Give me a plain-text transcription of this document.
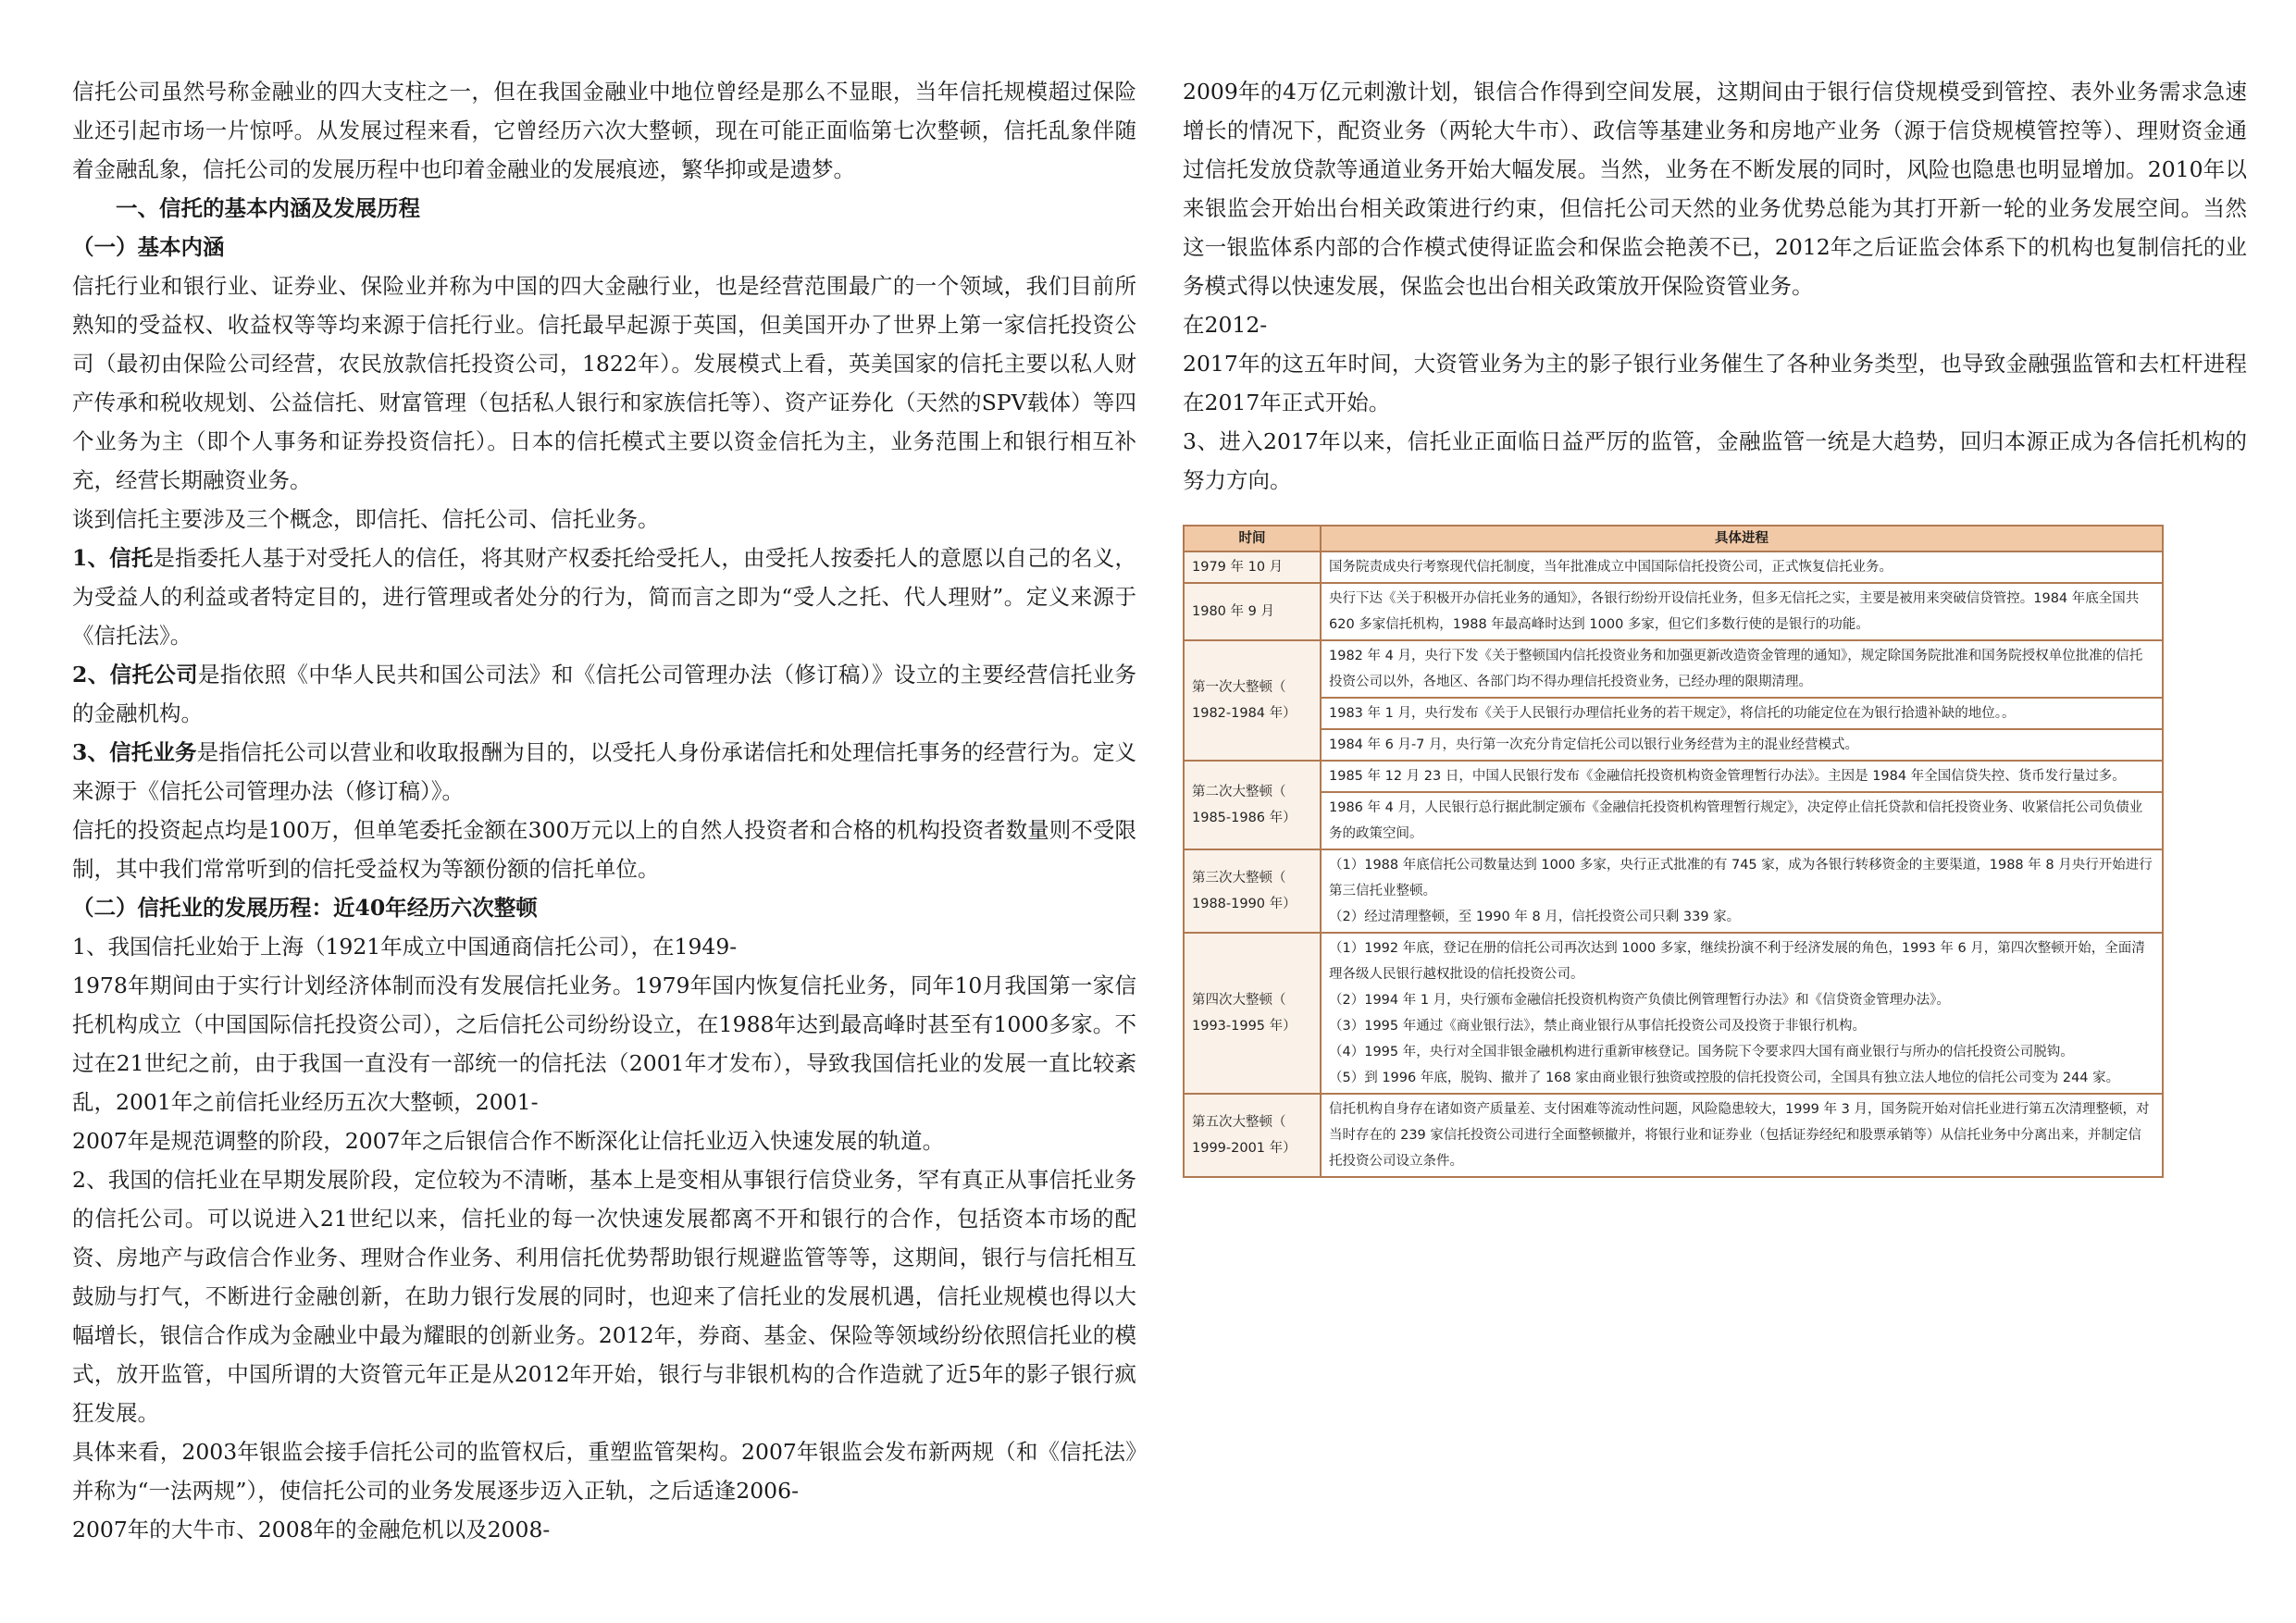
信托公司虽然号称金融业的四大支柱之一，但在我国金融业中地位曾经是那么不显眼，当年信托规模超过保险业还引起市场一片惊呼。从发展过程来看，它曾经历六次大整顿，现在可能正面临第七次整顿，信托乱象伴随着金融乱象，信托公司的发展历程中也印着金融业的发展痕迹，繁华抑或是遗梦。

一、信托的基本内涵及发展历程

（一）基本内涵

信托行业和银行业、证券业、保险业并称为中国的四大金融行业，也是经营范围最广的一个领域，我们目前所熟知的受益权、收益权等等均来源于信托行业。信托最早起源于英国，但美国开办了世界上第一家信托投资公司（最初由保险公司经营，农民放款信托投资公司，1822年）。发展模式上看，英美国家的信托主要以私人财产传承和税收规划、公益信托、财富管理（包括私人银行和家族信托等）、资产证券化（天然的SPV载体）等四个业务为主（即个人事务和证券投资信托）。日本的信托模式主要以资金信托为主，业务范围上和银行相互补充，经营长期融资业务。

谈到信托主要涉及三个概念，即信托、信托公司、信托业务。

1、信托是指委托人基于对受托人的信任，将其财产权委托给受托人，由受托人按委托人的意愿以自己的名义，为受益人的利益或者特定目的，进行管理或者处分的行为，简而言之即为“受人之托、代人理财”。定义来源于《信托法》。

2、信托公司是指依照《中华人民共和国公司法》和《信托公司管理办法（修订稿）》设立的主要经营信托业务的金融机构。

3、信托业务是指信托公司以营业和收取报酬为目的，以受托人身份承诺信托和处理信托事务的经营行为。定义来源于《信托公司管理办法（修订稿）》。

信托的投资起点均是100万，但单笔委托金额在300万元以上的自然人投资者和合格的机构投资者数量则不受限制，其中我们常常听到的信托受益权为等额份额的信托单位。

（二）信托业的发展历程：近40年经历六次整顿

1、我国信托业始于上海（1921年成立中国通商信托公司），在1949-

1978年期间由于实行计划经济体制而没有发展信托业务。1979年国内恢复信托业务，同年10月我国第一家信托机构成立（中国国际信托投资公司），之后信托公司纷纷设立，在1988年达到最高峰时甚至有1000多家。不过在21世纪之前，由于我国一直没有一部统一的信托法（2001年才发布），导致我国信托业的发展一直比较紊乱，2001年之前信托业经历五次大整顿，2001-

2007年是规范调整的阶段，2007年之后银信合作不断深化让信托业迈入快速发展的轨道。

2、我国的信托业在早期发展阶段，定位较为不清晰，基本上是变相从事银行信贷业务，罕有真正从事信托业务的信托公司。可以说进入21世纪以来，信托业的每一次快速发展都离不开和银行的合作，包括资本市场的配资、房地产与政信合作业务、理财合作业务、利用信托优势帮助银行规避监管等等，这期间，银行与信托相互鼓励与打气，不断进行金融创新，在助力银行发展的同时，也迎来了信托业的发展机遇，信托业规模也得以大幅增长，银信合作成为金融业中最为耀眼的创新业务。2012年，券商、基金、保险等领域纷纷依照信托业的模式，放开监管，中国所谓的大资管元年正是从2012年开始，银行与非银机构的合作造就了近5年的影子银行疯狂发展。

具体来看，2003年银监会接手信托公司的监管权后，重塑监管架构。2007年银监会发布新两规（和《信托法》并称为“一法两规”），使信托公司的业务发展逐步迈入正轨，之后适逢2006-

2007年的大牛市、2008年的金融危机以及2008-

2009年的4万亿元刺激计划，银信合作得到空间发展，这期间由于银行信贷规模受到管控、表外业务需求急速增长的情况下，配资业务（两轮大牛市）、政信等基建业务和房地产业务（源于信贷规模管控等）、理财资金通过信托发放贷款等通道业务开始大幅发展。当然，业务在不断发展的同时，风险也隐患也明显增加。2010年以来银监会开始出台相关政策进行约束，但信托公司天然的业务优势总能为其打开新一轮的业务发展空间。当然这一银监体系内部的合作模式使得证监会和保监会艳羡不已，2012年之后证监会体系下的机构也复制信托的业务模式得以快速发展，保监会也出台相关政策放开保险资管业务。

在2012-

2017年的这五年时间，大资管业务为主的影子银行业务催生了各种业务类型，也导致金融强监管和去杠杆进程在2017年正式开始。

3、进入2017年以来，信托业正面临日益严厉的监管，金融监管一统是大趋势，回归本源正成为各信托机构的努力方向。

时间	具体进程
1979 年 10 月	国务院责成央行考察现代信托制度，当年批准成立中国国际信托投资公司，正式恢复信托业务。
1980 年 9 月	央行下达《关于积极开办信托业务的通知》，各银行纷纷开设信托业务，但多无信托之实，主要是被用来突破信贷管控。1984 年底全国共 620 多家信托机构，1988 年最高峰时达到 1000 多家，但它们多数行使的是银行的功能。
第一次大整顿（ 1982-1984 年）	1982 年 4 月，央行下发《关于整顿国内信托投资业务和加强更新改造资金管理的通知》，规定除国务院批准和国务院授权单位批准的信托投资公司以外，各地区、各部门均不得办理信托投资业务，已经办理的限期清理。
	1983 年 1 月，央行发布《关于人民银行办理信托业务的若干规定》，将信托的功能定位在为银行拾遗补缺的地位。。
	1984 年 6 月-7 月，央行第一次充分肯定信托公司以银行业务经营为主的混业经营模式。
第二次大整顿（ 1985-1986 年）	1985 年 12 月 23 日，中国人民银行发布《金融信托投资机构资金管理暂行办法》。主因是 1984 年全国信贷失控、货币发行量过多。
	1986 年 4 月，人民银行总行据此制定颁布《金融信托投资机构管理暂行规定》，决定停止信托贷款和信托投资业务、收紧信托公司负债业务的政策空间。
第三次大整顿（ 1988-1990 年）	（1）1988 年底信托公司数量达到 1000 多家，央行正式批准的有 745 家，成为各银行转移资金的主要渠道，1988 年 8 月央行开始进行第三信托业整顿。
（2）经过清理整顿，至 1990 年 8 月，信托投资公司只剩 339 家。

第四次大整顿（ 1993-1995 年）	（1）1992 年底，登记在册的信托公司再次达到 1000 多家，继续扮演不利于经济发展的角色，1993 年 6 月，第四次整顿开始，全面清理各级人民银行越权批设的信托投资公司。
（2）1994 年 1 月，央行颁布金融信托投资机构资产负债比例管理暂行办法》和《信贷资金管理办法》。
（3）1995 年通过《商业银行法》，禁止商业银行从事信托投资公司及投资于非银行机构。
（4）1995 年，央行对全国非银金融机构进行重新审核登记。国务院下令要求四大国有商业银行与所办的信托投资公司脱钩。
（5）到 1996 年底，脱钩、撤并了 168 家由商业银行独资或控股的信托投资公司，全国具有独立法人地位的信托公司变为 244 家。

第五次大整顿（ 1999-2001 年）	信托机构自身存在诸如资产质量差、支付困难等流动性问题，风险隐患较大，1999 年 3 月，国务院开始对信托业进行第五次清理整顿，对当时存在的 239 家信托投资公司进行全面整顿撤并，将银行业和证券业（包括证券经纪和股票承销等）从信托业务中分离出来，并制定信托投资公司设立条件。
